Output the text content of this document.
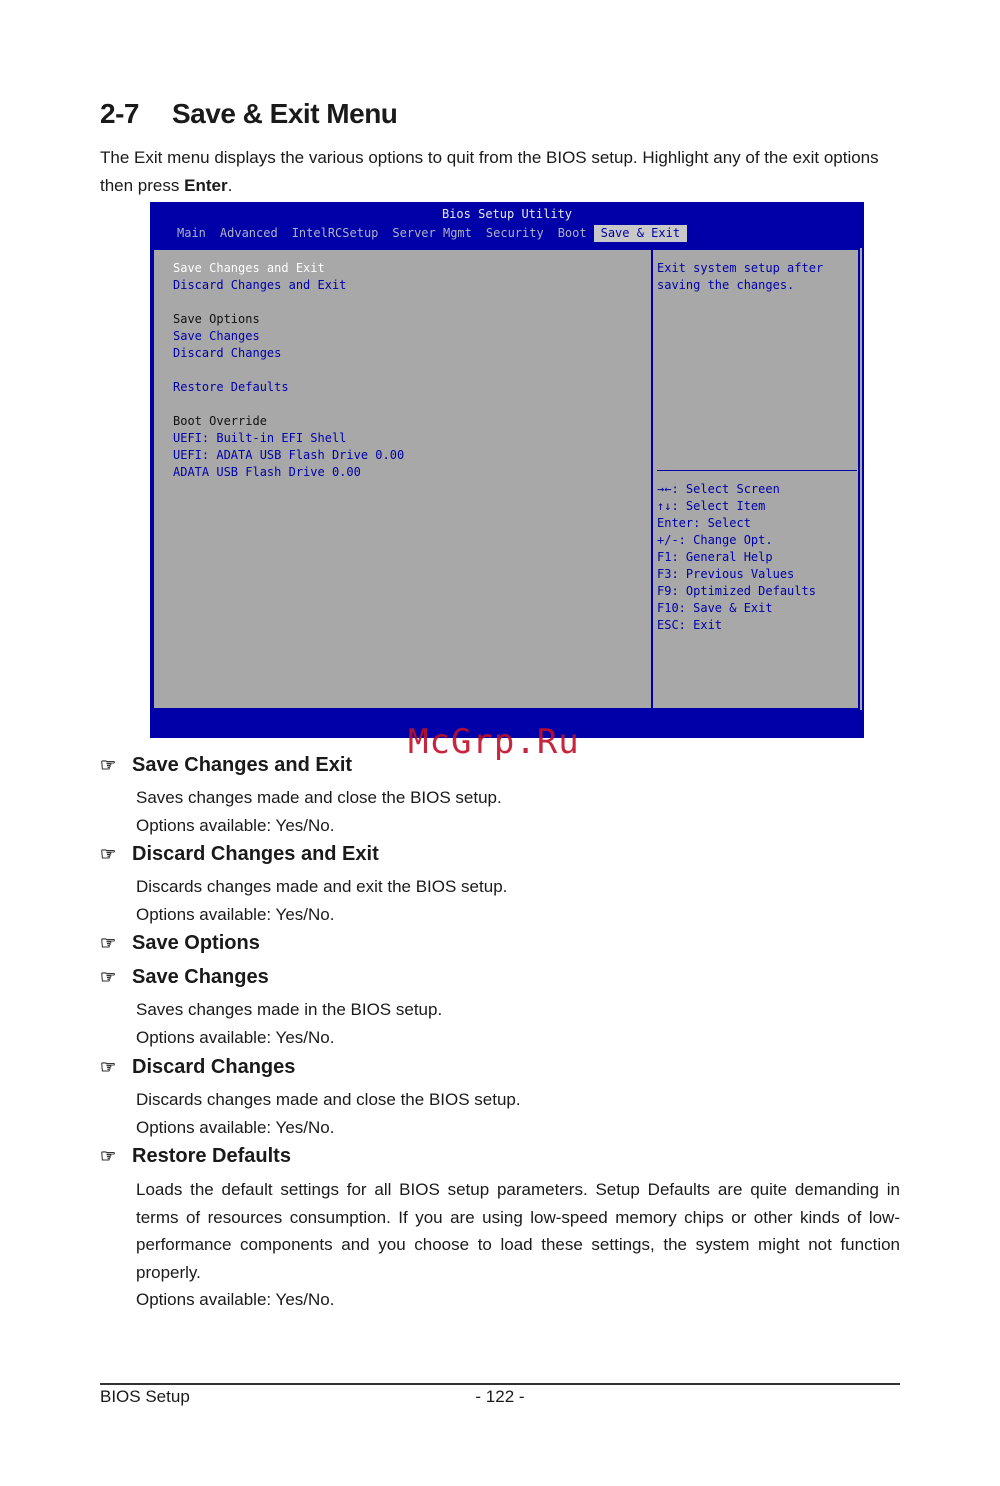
2-7 Save & Exit Menu
The Exit menu displays the various options to quit from the BIOS setup. Highlight any of the exit options then press Enter.
Bios Setup Utility
Main	Advanced	IntelRCSetup	Server Mgmt	Security	Boot	Save & Exit
Save Changes and Exit
Discard Changes and Exit
Save Options
Save Changes
Discard Changes
Restore Defaults
Boot Override
UEFI: Built-in EFI Shell
UEFI: ADATA USB Flash Drive 0.00
ADATA USB Flash Drive 0.00
Exit system setup after
saving the changes.
→←: Select Screen
↑↓: Select Item
Enter: Select
+/-: Change Opt.
F1: General Help
F3: Previous Values
F9: Optimized Defaults
F10: Save & Exit
ESC: Exit
McGrp.Ru
☞ Save Changes and Exit
Saves changes made and close the BIOS setup.
Options available: Yes/No.
☞ Discard Changes and Exit
Discards changes made and exit the BIOS setup.
Options available: Yes/No.
☞ Save Options
☞ Save Changes
Saves changes made in the BIOS setup.
Options available: Yes/No.
☞ Discard Changes
Discards changes made and close the BIOS setup.
Options available: Yes/No.
☞ Restore Defaults
Loads the default settings for all BIOS setup parameters. Setup Defaults are quite demanding in terms of resources consumption. If you are using low-speed memory chips or other kinds of low-performance components and you choose to load these settings, the system might not function properly.
Options available: Yes/No.
BIOS Setup	- 122 -
